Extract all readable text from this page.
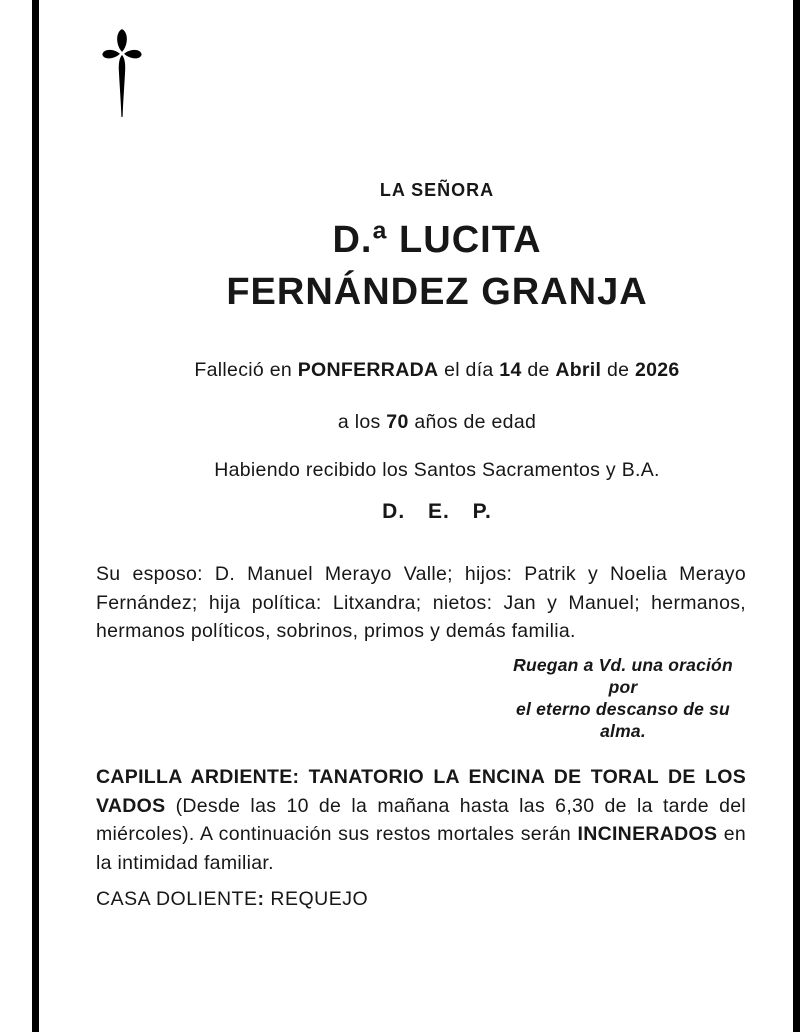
LA SEÑORA
D.ª LUCITA
FERNÁNDEZ GRANJA
Falleció en PONFERRADA el día 14 de Abril de 2026
a los 70 años de edad
Habiendo recibido los Santos Sacramentos y B.A.
D. E. P.

Su esposo: D. Manuel Merayo Valle; hijos: Patrik y Noelia Merayo Fernández; hija política: Litxandra; nietos: Jan y Manuel; hermanos, hermanos políticos, sobrinos, primos y demás familia.

Ruegan a Vd. una oración por
el eterno descanso de su alma.

CAPILLA ARDIENTE: TANATORIO LA ENCINA DE TORAL DE LOS VADOS (Desde las 10 de la mañana hasta las 6,30 de la tarde del miércoles). A continuación sus restos mortales serán INCINERADOS en la intimidad familiar.

CASA DOLIENTE: REQUEJO
